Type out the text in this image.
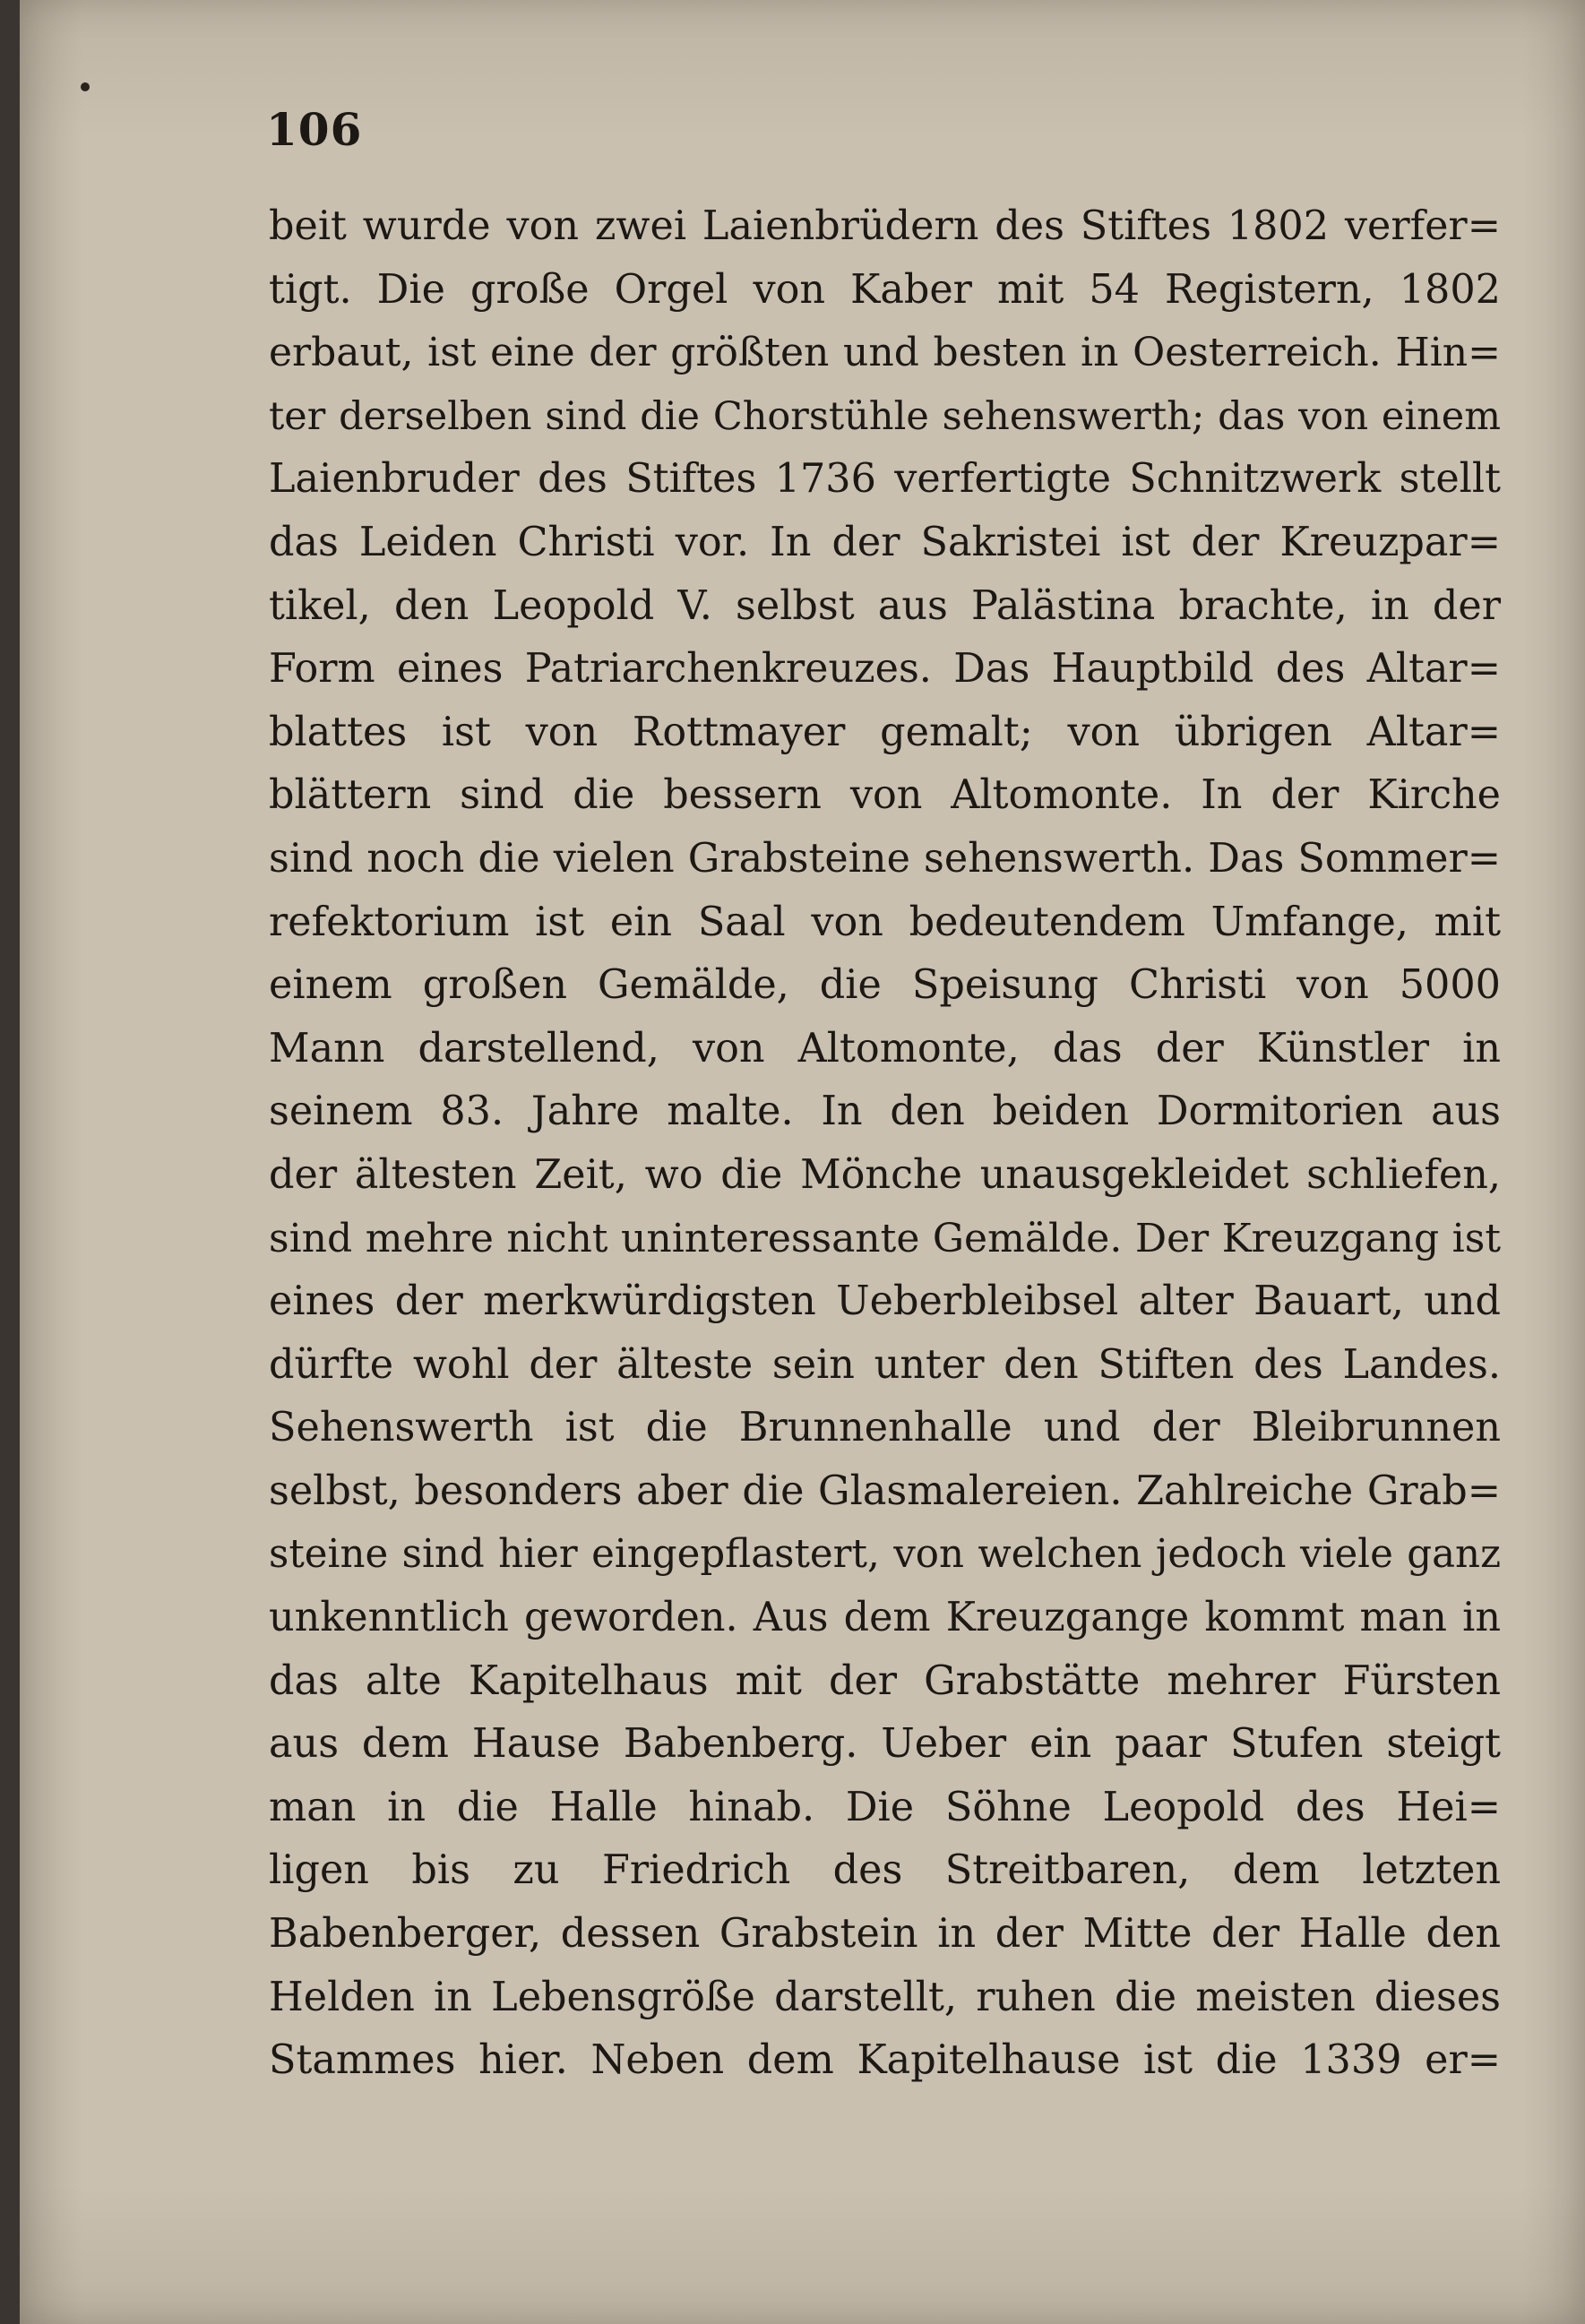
106
beit wurde von zwei Laienbrüdern des Stiftes 1802 verfer=
tigt. Die große Orgel von Kaber mit 54 Registern, 1802
erbaut, ist eine der größten und besten in Oesterreich. Hin=
ter derselben sind die Chorstühle sehenswerth; das von einem
Laienbruder des Stiftes 1736 verfertigte Schnitzwerk stellt
das Leiden Christi vor. In der Sakristei ist der Kreuzpar=
tikel, den Leopold V. selbst aus Palästina brachte, in der
Form eines Patriarchenkreuzes. Das Hauptbild des Altar=
blattes ist von Rottmayer gemalt; von übrigen Altar=
blättern sind die bessern von Altomonte. In der Kirche
sind noch die vielen Grabsteine sehenswerth. Das Sommer=
refektorium ist ein Saal von bedeutendem Umfange, mit
einem großen Gemälde, die Speisung Christi von 5000
Mann darstellend, von Altomonte, das der Künstler in
seinem 83. Jahre malte. In den beiden Dormitorien aus
der ältesten Zeit, wo die Mönche unausgekleidet schliefen,
sind mehre nicht uninteressante Gemälde. Der Kreuzgang ist
eines der merkwürdigsten Ueberbleibsel alter Bauart, und
dürfte wohl der älteste sein unter den Stiften des Landes.
Sehenswerth ist die Brunnenhalle und der Bleibrunnen
selbst, besonders aber die Glasmalereien. Zahlreiche Grab=
steine sind hier eingepflastert, von welchen jedoch viele ganz
unkenntlich geworden. Aus dem Kreuzgange kommt man in
das alte Kapitelhaus mit der Grabstätte mehrer Fürsten
aus dem Hause Babenberg. Ueber ein paar Stufen steigt
man in die Halle hinab. Die Söhne Leopold des Hei=
ligen bis zu Friedrich des Streitbaren, dem letzten
Babenberger, dessen Grabstein in der Mitte der Halle den
Helden in Lebensgröße darstellt, ruhen die meisten dieses
Stammes hier. Neben dem Kapitelhause ist die 1339 er=
